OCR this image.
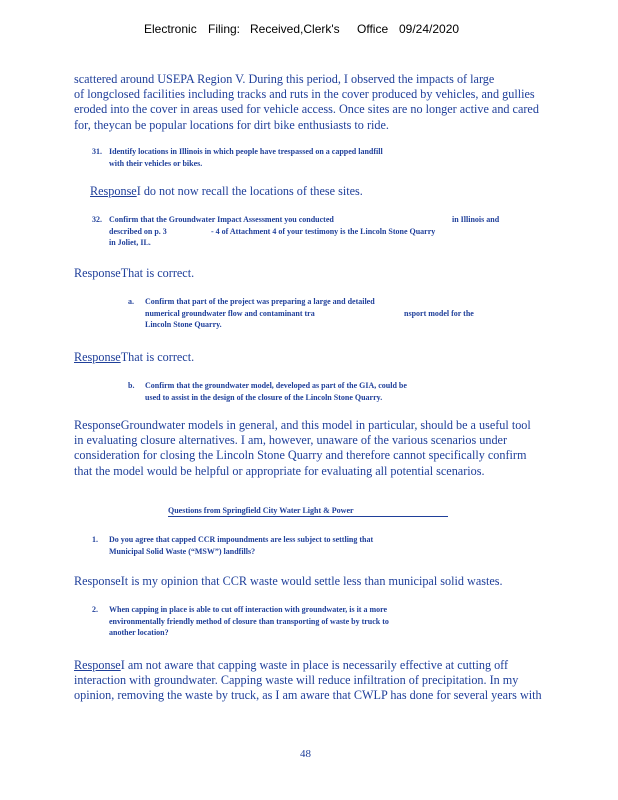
Electronic Filing: Received,Clerk's Office 09/24/2020
scattered around USEPA Region V. During this period, I observed the impacts of large
of longclosed facilities including tracks and ruts in the cover produced by vehicles, and gullies
eroded into the cover in areas used for vehicle access. Once sites are no longer active and cared
for, theycan be popular locations for dirt bike enthusiasts to ride.
31. Identify locations in Illinois in which people have trespassed on a capped landfill
with their vehicles or bikes.
ResponseI do not now recall the locations of these sites.
32. Confirm that the Groundwater Impact Assessment you conducted	in Illinois and
described on p. 3	- 4 of Attachment 4 of your testimony is the Lincoln Stone Quarry
in Joliet, IL.
ResponseThat is correct.
a. Confirm that part of the project was preparing a large and detailed
numerical groundwater flow and contaminant tra	nsport model for the
Lincoln Stone Quarry.
ResponseThat is correct.
b. Confirm that the groundwater model, developed as part of the GIA, could be
used to assist in the design of the closure of the Lincoln Stone Quarry.
ResponseGroundwater models in general, and this model in particular, should be a useful tool
in evaluating closure alternatives. I am, however, unaware of the various scenarios under
consideration for closing the Lincoln Stone Quarry and therefore cannot specifically confirm
that the model would be helpful or appropriate for evaluating all potential scenarios.
Questions from Springfield City Water Light & Power
1. Do you agree that capped CCR impoundments are less subject to settling that
Municipal Solid Waste (“MSW”) landfills?
ResponseIt is my opinion that CCR waste would settle less than municipal solid wastes.
2. When capping in place is able to cut off interaction with groundwater, is it a more
environmentally friendly method of closure than transporting of waste by truck to
another location?
ResponseI am not aware that capping waste in place is necessarily effective at cutting off
interaction with groundwater. Capping waste will reduce infiltration of precipitation. In my
opinion, removing the waste by truck, as I am aware that CWLP has done for several years with
48
